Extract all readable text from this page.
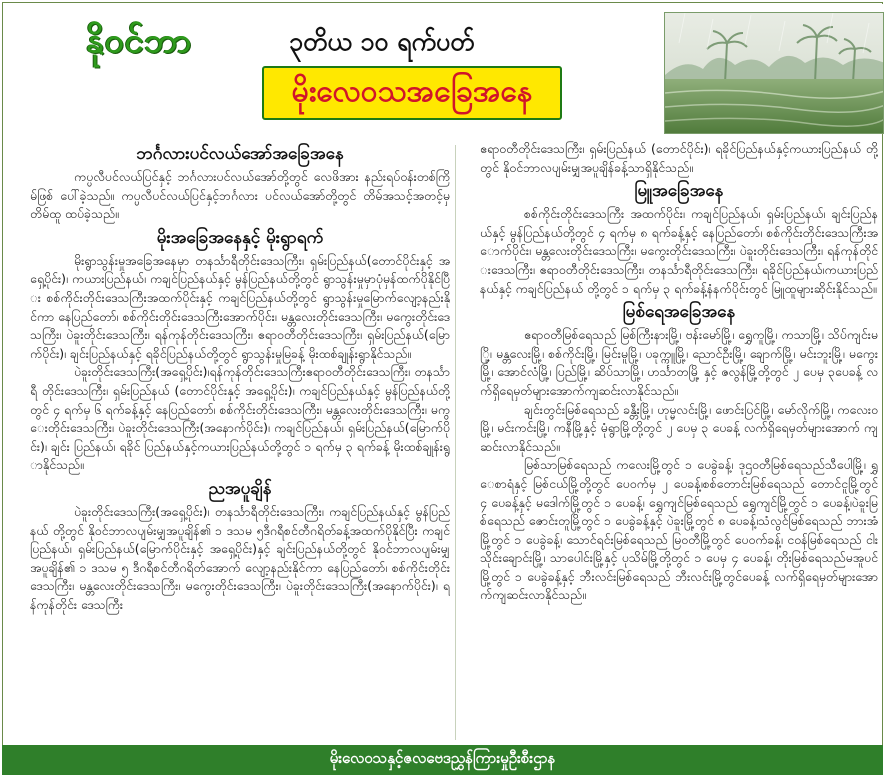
နိုဝင်ဘာ	၃တိယ ၁၀ ရက်ပတ်
မိုးလေဝသအခြေအနေ
ဘင်္ဂလားပင်လယ်အော်အခြေအနေ

ကပ္ပလီပင်လယ်ပြင်နှင့် ဘင်္ဂလားပင်လယ်အော်တို့တွင် လေဖိအား နည်းရပ်ဝန်းတစ်ကြိမ်ဖြစ် ပေါ်ခဲ့သည်။ ကပ္ပလီပင်လယ်ပြင်နှင့်ဘင်္ဂလား ပင်လယ်အော်တို့တွင် တိမ်အသင့်အတင့်မှ တိမ်ထူ ထပ်ခဲ့သည်။

မိုးအခြေအနေနှင့် မိုးရွာရက်

မိုးရွာသွန်းမှုအခြေအနေမှာ တနင်္သာရီတိုင်းဒေသကြီး၊ ရှမ်းပြည်နယ်(တောင်ပိုင်းနှင့် အရှေ့ပိုင်း)၊ ကယားပြည်နယ်၊ ကချင်ပြည်နယ်နှင့် မွန်ပြည်နယ်တို့တွင် ရွာသွန်းမှုမှာပုံမှန်ထက်ပိုနိုင်ပြီး စစ်ကိုင်းတိုင်းဒေသကြီးအထက်ပိုင်းနှင့် ကချင်ပြည်နယ်တို့တွင် ရွာသွန်းမှုမြောက်လျော့နည်းနိုင်ကာ နေပြည်တော်၊ စစ်ကိုင်းတိုင်းဒေသကြီးအောက်ပိုင်း၊ မန္တလေးတိုင်းဒေသကြီး၊ မကွေးတိုင်းဒေသကြီး၊ ပဲခူးတိုင်းဒေသကြီး၊ ရန်ကုန်တိုင်းဒေသကြီး၊ ဧရာဝတီတိုင်းဒေသကြီး၊ ရှမ်းပြည်နယ်(မြောက်ပိုင်း)၊ ချင်းပြည်နယ်နှင့် ရခိုင်ပြည်နယ်တို့တွင် ရွာသွန်းမှုမြခန့် မိုးထစ်ချုန်းရွာနိုင်သည်။

ပဲခူးတိုင်းဒေသကြီး(အရှေ့ပိုင်း)၊ရန်ကုန်တိုင်းဒေသကြီးဧရာဝတီတိုင်းဒေသကြီး၊ တနင်္သာရီ တိုင်းဒေသကြီး၊ ရှမ်းပြည်နယ် (တောင်ပိုင်းနှင့် အရှေ့ပိုင်း)၊ ကချင်ပြည်နယ်နှင့် မွန်ပြည်နယ်တို့တွင် ၄ ရက်မှ ၆ ရက်ခန့်နှင့် နေပြည်တော်၊ စစ်ကိုင်းတိုင်းဒေသကြီး၊ မန္တလေးတိုင်းဒေသကြီး၊ မကွေးတိုင်းဒေသကြီး၊ ပဲခူးတိုင်းဒေသကြီး(အနောက်ပိုင်း)၊ ကချင်ပြည်နယ်၊ ရှမ်းပြည်နယ်(မြောက်ပိုင်း)၊ ချင်း ပြည်နယ်၊ ရခိုင် ပြည်နယ်နှင့်ကယားပြည်နယ်တို့တွင် ၁ ရက်မှ ၃ ရက်ခန့် မိုးထစ်ချုန်းရွာနိုင်သည်။

ညအပူချိန်

ပဲခူးတိုင်းဒေသကြီး(အရှေ့ပိုင်း)၊ တနင်္သာရီတိုင်းဒေသကြီး၊ ကချင်ပြည်နယ်နှင့် မွန်ပြည်နယ် တို့တွင် နိုဝင်ဘာလပျမ်းမျှအပူချိန်၏ ၁ ဒသမ ၅ဒီဂရီစင်တီဂရိတ်ခန့်အထက်ပိုနိုင်ပြီး ကချင်ပြည်နယ်၊ ရှမ်းပြည်နယ်(မြောက်ပိုင်းနှင့် အရှေ့ပိုင်း)နှင့် ချင်းပြည်နယ်တို့တွင် နိုဝင်ဘာလပျမ်းမျှအပူချိန်၏ ၁ ဒသမ ၅ ဒီဂရီစင်တီဂရိတ်အောက် လျော့နည်းနိုင်ကာ နေပြည်တော်၊ စစ်ကိုင်းတိုင်းဒေသကြီး၊ မန္တလေးတိုင်းဒေသကြီး၊ မကွေးတိုင်းဒေသကြီး၊ ပဲခူးတိုင်းဒေသကြီး(အနောက်ပိုင်း)၊ ရန်ကုန်တိုင်း ဒေသကြီး

ဧရာဝတီတိုင်းဒေသကြီး၊ ရှမ်းပြည်နယ် (တောင်ပိုင်း)၊ ရခိုင်ပြည်နယ်နှင့်ကယားပြည်နယ် တို့တွင် နိုဝင်ဘာလပျမ်းမျှအပူချိန်ခန့်သာရှိနိုင်သည်။

မြူအခြေအနေ

စစ်ကိုင်းတိုင်းဒေသကြီး အထက်ပိုင်း၊ ကချင်ပြည်နယ်၊ ရှမ်းပြည်နယ်၊ ချင်းပြည်နယ်နှင့် မွန်ပြည်နယ်တို့တွင် ၄ ရက်မှ ၈ ရက်ခန့်နှင့် နေပြည်တော်၊ စစ်ကိုင်းတိုင်းဒေသကြီးအောက်ပိုင်း၊ မန္တလေးတိုင်းဒေသကြီး၊ မကွေးတိုင်းဒေသကြီး၊ ပဲခူးတိုင်းဒေသကြီး၊ ရန်ကုန်တိုင်းဒေသကြီး၊ ဧရာဝတီတိုင်းဒေသကြီး၊ တနင်္သာရီတိုင်းဒေသကြီး၊ ရခိုင်ပြည်နယ်၊ကယားပြည်နယ်နှင့် ကချင်ပြည်နယ် တို့တွင် ၁ ရက်မှ ၃ ရက်ခန့်နံနက်ပိုင်းတွင် မြူထူများဆိုင်းနိုင်သည်။

မြစ်ရေအခြေအနေ

ဧရာဝတီမြစ်ရေသည် မြစ်ကြီးနားမြို့၊ ဗန်းမော်မြို့၊ ရွှေကူမြို့၊ ကသာမြို့၊ သိပ်ကျင်းမြို့၊ မန္တလေးမြို့၊ စစ်ကိုင်းမြို့၊ မြင်းမူမြို့၊ ပခုက္ကူမြို့၊ ညောင်ဦးမြို့၊ ချောက်မြို့၊ မင်းဘူးမြို့၊ မကွေးမြို့၊ အောင်လံမြို့၊ ပြည်မြို့၊ ဆိပ်သာမြို့၊ ဟင်္သာတမြို့ နှင့် ဇလွန်မြို့တို့တွင် ၂ ပေမှ ၃ပေခန့် လက်ရှိရေမှတ်များအောက်ကျဆင်းလာနိုင်သည်။

ချင်းတွင်းမြစ်ရေသည် ခန္တီးမြို့၊ ဟုမ္မလင်းမြို့၊ ဖောင်းပြင်မြို့၊ မော်လိုက်မြို့၊ ကလေးဝမြို့၊ မင်းကင်းမြို့၊ ကနီမြို့နှင့် မုံရွာမြို့တို့တွင် ၂ ပေမှ ၃ ပေခန့် လက်ရှိရေမှတ်များအောက် ကျဆင်းလာနိုင်သည်။

မြစ်သာမြစ်ရေသည် ကလေးမြို့တွင် ၁ ပေခွဲခန့်၊ ဒုဌဝတီမြစ်ရေသည်သီပေါမြို့၊ ရွှေစာရံနှင့် မြစ်ငယ်မြို့တို့တွင် ပေဝက်မှ ၂ ပေခန့်၊စစ်တောင်းမြစ်ရေသည် တောင်ငူမြို့တွင် ၄ ပေခန့်နှင့် မဒေါက်မြို့တွင် ၁ ပေခန့်၊ ရွှေကျင်မြစ်ရေသည် ရွှေကျင်မြို့တွင် ၁ ပေခန့်၊ပဲခူးမြစ်ရေသည် ဇောင်းတူမြို့တွင် ၁ ပေခွဲခန့်နှင့် ပဲခူးမြို့တွင် ၈ ပေခန့်၊သံလွင်မြစ်ရေသည် ဘားအံမြို့တွင် ၁ ပေခွဲခန့်၊ သောင်ရင်းမြစ်ရေသည် မြဝတီမြို့တွင် ပေဝက်ခန့်၊ ငဝန်မြစ်ရေသည် ငါးသိုင်းချောင်းမြို့၊ သာပေါင်းမြို့နှင့် ပုသိမ်မြို့တို့တွင် ၁ ပေမှ ၄ ပေခန့်၊ တိုးမြစ်ရေသည်မအူပင်မြို့တွင် ၁ ပေခွဲခန့်နှင့် ဘီးလင်းမြစ်ရေသည် ဘီးလင်းမြို့တွင်ပေခန့် လက်ရှိရေမှတ်များအောက်ကျဆင်းလာနိုင်သည်။

မိုးလေဝသနှင့်ဇလဗေဒညွှန်ကြားမှုဦးစီးဌာန
